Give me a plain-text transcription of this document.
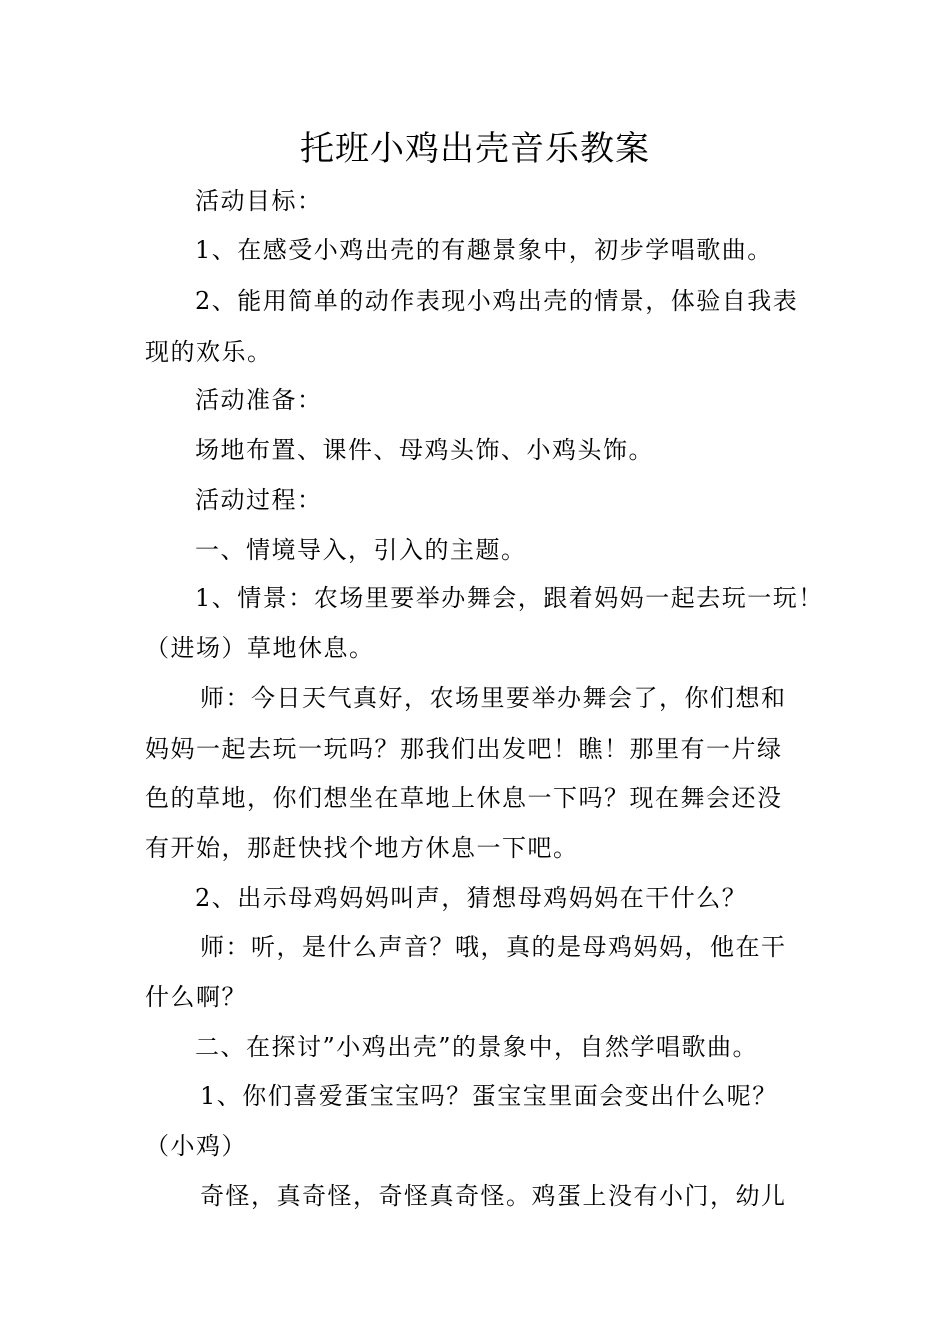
托班小鸡出壳音乐教案
活动目标：
1、在感受小鸡出壳的有趣景象中，初步学唱歌曲。
2、能用简单的动作表现小鸡出壳的情景，体验自我表
现的欢乐。
活动准备：
场地布置、课件、母鸡头饰、小鸡头饰。
活动过程：
一、情境导入，引入的主题。
1、情景：农场里要举办舞会，跟着妈妈一起去玩一玩！
（进场）草地休息。
师：今日天气真好，农场里要举办舞会了，你们想和
妈妈一起去玩一玩吗？那我们出发吧！瞧！那里有一片绿
色的草地，你们想坐在草地上休息一下吗？现在舞会还没
有开始，那赶快找个地方休息一下吧。
2、出示母鸡妈妈叫声，猜想母鸡妈妈在干什么？
师：听，是什么声音？哦，真的是母鸡妈妈，他在干
什么啊？
二、在探讨”小鸡出壳”的景象中，自然学唱歌曲。
1、你们喜爱蛋宝宝吗？蛋宝宝里面会变出什么呢？
（小鸡）
奇怪，真奇怪，奇怪真奇怪。鸡蛋上没有小门，幼儿
